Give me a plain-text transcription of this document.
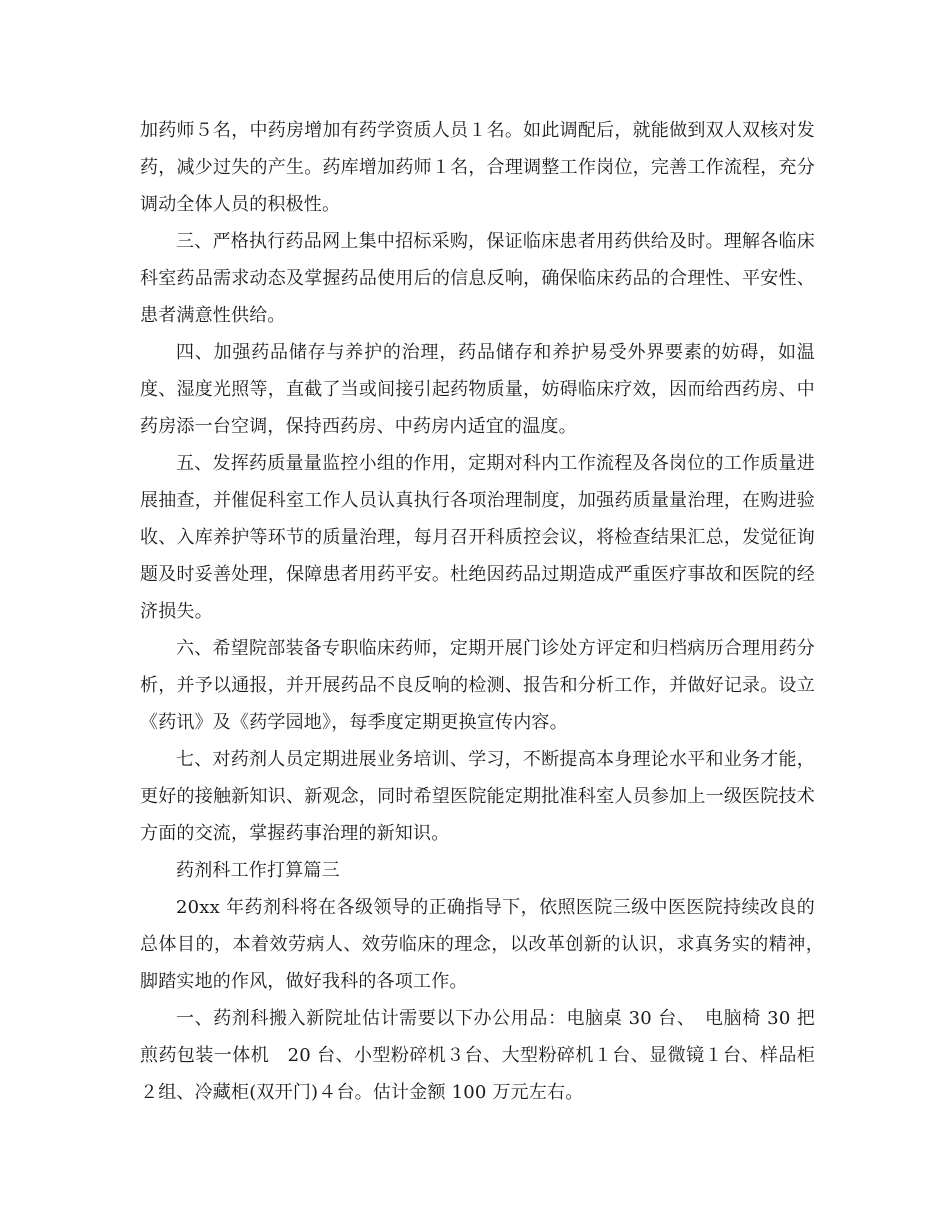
加药师５名，中药房增加有药学资质人员１名。如此调配后，就能做到双人双核对发药，减少过失的产生。药库增加药师１名，合理调整工作岗位，完善工作流程，充分调动全体人员的积极性。

三、严格执行药品网上集中招标采购，保证临床患者用药供给及时。理解各临床科室药品需求动态及掌握药品使用后的信息反响，确保临床药品的合理性、平安性、患者满意性供给。

四、加强药品储存与养护的治理，药品储存和养护易受外界要素的妨碍，如温度、湿度光照等，直截了当或间接引起药物质量，妨碍临床疗效，因而给西药房、中药房添一台空调，保持西药房、中药房内适宜的温度。

五、发挥药质量量监控小组的作用，定期对科内工作流程及各岗位的工作质量进展抽查，并催促科室工作人员认真执行各项治理制度，加强药质量量治理，在购进验收、入库养护等环节的质量治理，每月召开科质控会议，将检查结果汇总，发觉征询题及时妥善处理，保障患者用药平安。杜绝因药品过期造成严重医疗事故和医院的经济损失。

六、希望院部装备专职临床药师，定期开展门诊处方评定和归档病历合理用药分析，并予以通报，并开展药品不良反响的检测、报告和分析工作，并做好记录。设立《药讯》及《药学园地》，每季度定期更换宣传内容。

七、对药剂人员定期进展业务培训、学习，不断提高本身理论水平和业务才能，更好的接触新知识、新观念，同时希望医院能定期批准科室人员参加上一级医院技术方面的交流，掌握药事治理的新知识。

药剂科工作打算篇三

20xx 年药剂科将在各级领导的正确指导下，依照医院三级中医医院持续改良的总体目的，本着效劳病人、效劳临床的理念，以改革创新的认识，求真务实的精神，　脚踏实地的作风，做好我科的各项工作。

一、药剂科搬入新院址估计需要以下办公用品：电脑桌 30 台、　电脑椅 30 把　煎药包装一体机　20 台、小型粉碎机３台、大型粉碎机１台、显微镜１台、样品柜２组、冷藏柜(双开门)４台。估计金额 100 万元左右。
